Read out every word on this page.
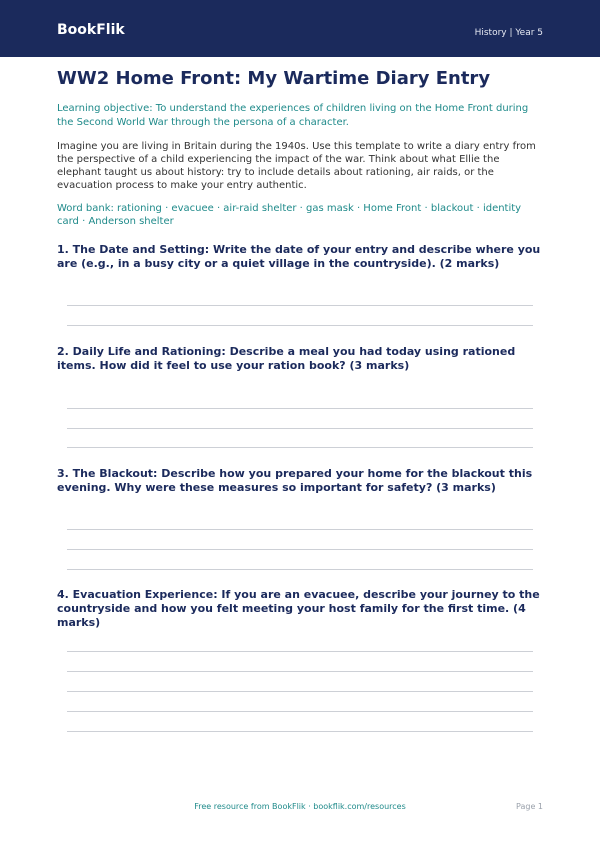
BookFlik	History | Year 5
WW2 Home Front: My Wartime Diary Entry

Learning objective: To understand the experiences of children living on the Home Front during the Second World War through the persona of a character.

Imagine you are living in Britain during the 1940s. Use this template to write a diary entry from the perspective of a child experiencing the impact of the war. Think about what Ellie the elephant taught us about history: try to include details about rationing, air raids, or the evacuation process to make your entry authentic.

Word bank: rationing · evacuee · air-raid shelter · gas mask · Home Front · blackout · identity card · Anderson shelter

1. The Date and Setting: Write the date of your entry and describe where you are (e.g., in a busy city or a quiet village in the countryside). (2 marks)
2. Daily Life and Rationing: Describe a meal you had today using rationed items. How did it feel to use your ration book? (3 marks)
3. The Blackout: Describe how you prepared your home for the blackout this evening. Why were these measures so important for safety? (3 marks)
4. Evacuation Experience: If you are an evacuee, describe your journey to the countryside and how you felt meeting your host family for the first time. (4 marks)
Free resource from BookFlik · bookflik.com/resources	Page 1
